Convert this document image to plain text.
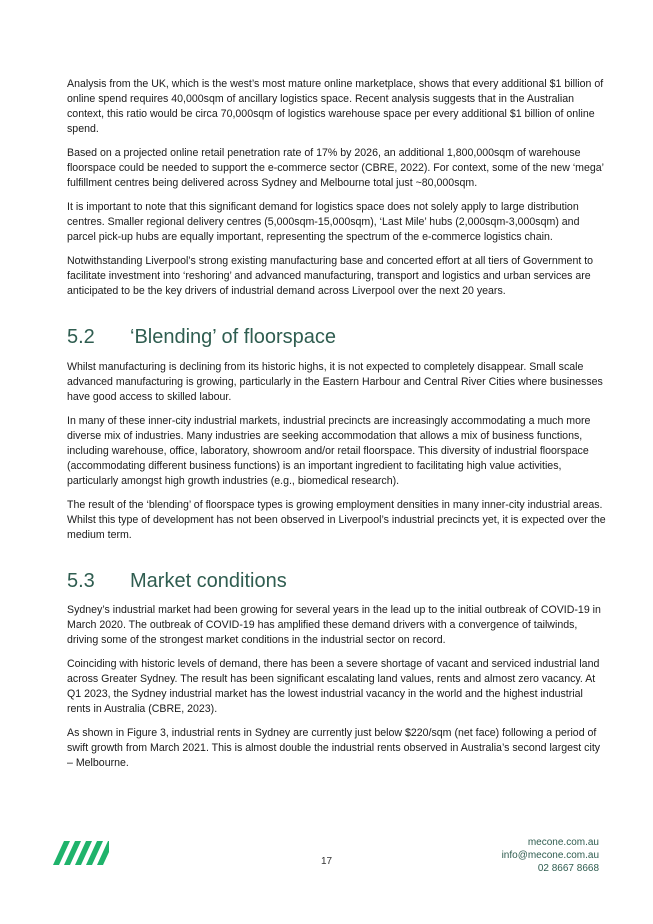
Analysis from the UK, which is the west’s most mature online marketplace, shows that every additional $1 billion of online spend requires 40,000sqm of ancillary logistics space. Recent analysis suggests that in the Australian context, this ratio would be circa 70,000sqm of logistics warehouse space per every additional $1 billion of online spend.

Based on a projected online retail penetration rate of 17% by 2026, an additional 1,800,000sqm of warehouse floorspace could be needed to support the e-commerce sector (CBRE, 2022). For context, some of the new ‘mega’ fulfillment centres being delivered across Sydney and Melbourne total just ~80,000sqm.

It is important to note that this significant demand for logistics space does not solely apply to large distribution centres. Smaller regional delivery centres (5,000sqm-15,000sqm), ‘Last Mile’ hubs (2,000sqm-3,000sqm) and parcel pick-up hubs are equally important, representing the spectrum of the e-commerce logistics chain.

Notwithstanding Liverpool’s strong existing manufacturing base and concerted effort at all tiers of Government to facilitate investment into ‘reshoring’ and advanced manufacturing, transport and logistics and urban services are anticipated to be the key drivers of industrial demand across Liverpool over the next 20 years.

5.2	‘Blending’ of floorspace

Whilst manufacturing is declining from its historic highs, it is not expected to completely disappear. Small scale advanced manufacturing is growing, particularly in the Eastern Harbour and Central River Cities where businesses have good access to skilled labour.

In many of these inner-city industrial markets, industrial precincts are increasingly accommodating a much more diverse mix of industries. Many industries are seeking accommodation that allows a mix of business functions, including warehouse, office, laboratory, showroom and/or retail floorspace. This diversity of industrial floorspace (accommodating different business functions) is an important ingredient to facilitating high value activities, particularly amongst high growth industries (e.g., biomedical research).

The result of the ‘blending’ of floorspace types is growing employment densities in many inner-city industrial areas. Whilst this type of development has not been observed in Liverpool’s industrial precincts yet, it is expected over the medium term.

5.3	Market conditions

Sydney’s industrial market had been growing for several years in the lead up to the initial outbreak of COVID-19 in March 2020. The outbreak of COVID-19 has amplified these demand drivers with a convergence of tailwinds, driving some of the strongest market conditions in the industrial sector on record.

Coinciding with historic levels of demand, there has been a severe shortage of vacant and serviced industrial land across Greater Sydney. The result has been significant escalating land values, rents and almost zero vacancy. At Q1 2023, the Sydney industrial market has the lowest industrial vacancy in the world and the highest industrial rents in Australia (CBRE, 2023).

As shown in Figure 3, industrial rents in Sydney are currently just below $220/sqm (net face) following a period of swift growth from March 2021. This is almost double the industrial rents observed in Australia’s second largest city – Melbourne.

17
mecone.com.au
info@mecone.com.au
02 8667 8668
